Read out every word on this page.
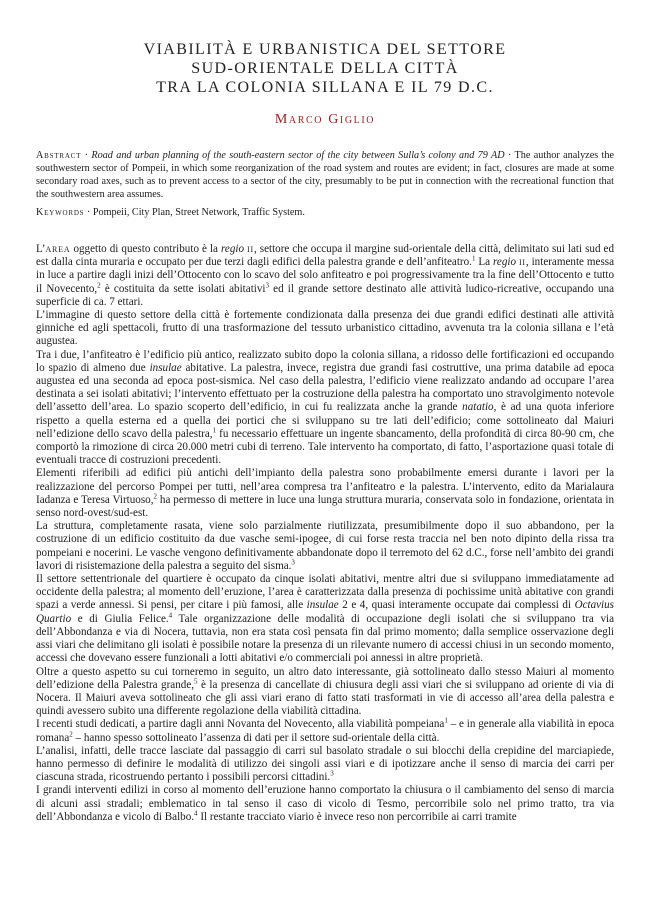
VIABILITÀ E URBANISTICA DEL SETTORE
SUD-ORIENTALE DELLA CITTÀ
TRA LA COLONIA SILLANA E IL 79 D.C.
Marco Giglio
Abstract · Road and urban planning of the south-eastern sector of the city between Sulla’s colony and 79 AD · The author analyzes the southwestern sector of Pompeii, in which some reorganization of the road system and routes are evident; in fact, closures are made at some secondary road axes, such as to prevent access to a sector of the city, presumably to be put in connection with the recreational function that the southwestern area assumes.
Keywords · Pompeii, City Plan, Street Network, Traffic System.

L’area oggetto di questo contributo è la regio ii, settore che occupa il margine sud-orientale della città, delimitato sui lati sud ed est dalla cinta muraria e occupato per due terzi dagli edifici della palestra grande e dell’anfiteatro.$^1$ La regio ii, interamente messa in luce a partire dagli inizi dell’Ottocento con lo scavo del solo anfiteatro e poi progressivamente tra la fine dell’Ottocento e tutto il Novecento,$^2$ è costituita da sette isolati abitativi$^3$ ed il grande settore destinato alle attività ludico-ricreative, occupando una superficie di ca. 7 ettari.

L’immagine di questo settore della città è fortemente condizionata dalla presenza dei due grandi edifici destinati alle attività ginniche ed agli spettacoli, frutto di una trasformazione del tessuto urbanistico cittadino, avvenuta tra la colonia sillana e l’età augustea.

Tra i due, l’anfiteatro è l’edificio più antico, realizzato subito dopo la colonia sillana, a ridosso delle fortificazioni ed occupando lo spazio di almeno due insulae abitative. La palestra, invece, registra due grandi fasi costruttive, una prima databile ad epoca augustea ed una seconda ad epoca post-sismica. Nel caso della palestra, l’edificio viene realizzato andando ad occupare l’area destinata a sei isolati abitativi; l’intervento effettuato per la costruzione della palestra ha comportato uno stravolgimento notevole dell’assetto dell’area. Lo spazio scoperto dell’edificio, in cui fu realizzata anche la grande natatio, è ad una quota inferiore rispetto a quella esterna ed a quella dei portici che si sviluppano su tre lati dell’edificio; come sottolineato dal Maiuri nell’edizione dello scavo della palestra,$^1$ fu necessario effettuare un ingente sbancamento, della profondità di circa 80-90 cm, che comportò la rimozione di circa 20.000 metri cubi di terreno. Tale intervento ha comportato, di fatto, l’asportazione quasi totale di eventuali tracce di costruzioni precedenti.

Elementi riferibili ad edifici più antichi dell’impianto della palestra sono probabilmente emersi durante i lavori per la realizzazione del percorso Pompei per tutti, nell’area compresa tra l’anfiteatro e la palestra. L’intervento, edito da Marialaura Iadanza e Teresa Virtuoso,$^2$ ha permesso di mettere in luce una lunga struttura muraria, conservata solo in fondazione, orientata in senso nord-ovest/sud-est.

La struttura, completamente rasata, viene solo parzialmente riutilizzata, presumibilmente dopo il suo abbandono, per la costruzione di un edificio costituito da due vasche semi-ipogee, di cui forse resta traccia nel ben noto dipinto della rissa tra pompeiani e nocerini. Le vasche vengono definitivamente abbandonate dopo il terremoto del 62 d.C., forse nell’ambito dei grandi lavori di risistemazione della palestra a seguito del sisma.$^3$

Il settore settentrionale del quartiere è occupato da cinque isolati abitativi, mentre altri due si sviluppano immediatamente ad occidente della palestra; al momento dell’eruzione, l’area è caratterizzata dalla presenza di pochissime unità abitative con grandi spazi a verde annessi. Si pensi, per citare i più famosi, alle insulae 2 e 4, quasi interamente occupate dai complessi di Octavius Quartio e di Giulia Felice.$^4$ Tale organizzazione delle modalità di occupazione degli isolati che si sviluppano tra via dell’Abbondanza e via di Nocera, tuttavia, non era stata così pensata fin dal primo momento; dalla semplice osservazione degli assi viari che delimitano gli isolati è possibile notare la presenza di un rilevante numero di accessi chiusi in un secondo momento, accessi che dovevano essere funzionali a lotti abitativi e/o commerciali poi annessi in altre proprietà.

Oltre a questo aspetto su cui torneremo in seguito, un altro dato interessante, già sottolineato dallo stesso Maiuri al momento dell’edizione della Palestra grande,$^5$ è la presenza di cancellate di chiusura degli assi viari che si sviluppano ad oriente di via di Nocera. Il Maiuri aveva sottolineato che gli assi viari erano di fatto stati trasformati in vie di accesso all’area della palestra e quindi avessero subito una differente regolazione della viabilità cittadina.

I recenti studi dedicati, a partire dagli anni Novanta del Novecento, alla viabilità pompeiana$^1$ – e in generale alla viabilità in epoca romana$^2$ – hanno spesso sottolineato l’assenza di dati per il settore sud-orientale della città.

L’analisi, infatti, delle tracce lasciate dal passaggio di carri sul basolato stradale o sui blocchi della crepidine del marciapiede, hanno permesso di definire le modalità di utilizzo dei singoli assi viari e di ipotizzare anche il senso di marcia dei carri per ciascuna strada, ricostruendo pertanto i possibili percorsi cittadini.$^3$

I grandi interventi edilizi in corso al momento dell’eruzione hanno comportato la chiusura o il cambiamento del senso di marcia di alcuni assi stradali; emblematico in tal senso il caso di vicolo di Tesmo, percorribile solo nel primo tratto, tra via dell’Abbondanza e vicolo di Balbo.$^4$ Il restante tracciato viario è invece reso non percorribile ai carri tramite
